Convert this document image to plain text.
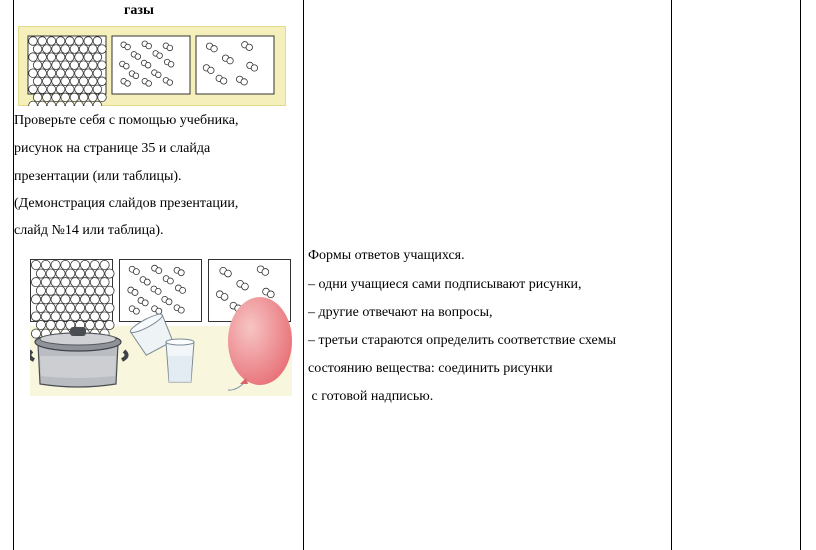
газы
Проверьте себя с помощью учебника,
рисунок на странице 35 и слайда
презентации (или таблицы).
(Демонстрация слайдов презентации,
слайд №14 или таблица).
Формы ответов учащихся.
– одни учащиеся сами подписывают рисунки,
– другие отвечают на вопросы,
– третьи стараются определить соответствие схемы
состоянию вещества: соединить рисунки
с готовой надписью.
